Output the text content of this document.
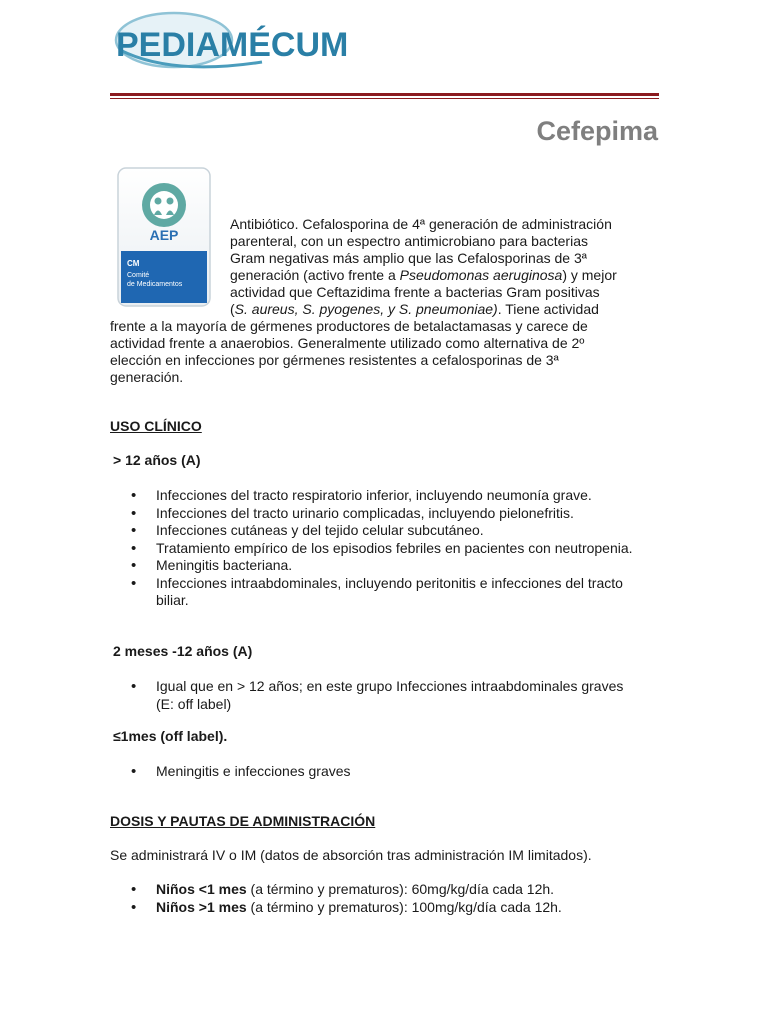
PEDIAMÉCUM
Cefepima
AEP
CM
Comité
de Medicamentos
Antibiótico. Cefalosporina de 4ª generación de administración
parenteral, con un espectro antimicrobiano para bacterias
Gram negativas más amplio que las Cefalosporinas de 3ª
generación (activo frente a Pseudomonas aeruginosa) y mejor
actividad que Ceftazidima frente a bacterias Gram positivas
(S. aureus, S. pyogenes, y S. pneumoniae). Tiene actividad
frente a la mayoría de gérmenes productores de betalactamasas y carece de
actividad frente a anaerobios. Generalmente utilizado como alternativa de 2º
elección en infecciones por gérmenes resistentes a cefalosporinas de 3ª
generación.
USO CLÍNICO
> 12 años (A)
• Infecciones del tracto respiratorio inferior, incluyendo neumonía grave.
• Infecciones del tracto urinario complicadas, incluyendo pielonefritis.
• Infecciones cutáneas y del tejido celular subcutáneo.
• Tratamiento empírico de los episodios febriles en pacientes con neutropenia.
• Meningitis bacteriana.
• Infecciones intraabdominales, incluyendo peritonitis e infecciones del tracto biliar.
2 meses -12 años (A)
• Igual que en > 12 años; en este grupo Infecciones intraabdominales graves (E: off label)
≤1mes (off label).
• Meningitis e infecciones graves
DOSIS Y PAUTAS DE ADMINISTRACIÓN
Se administrará IV o IM (datos de absorción tras administración IM limitados).
• Niños <1 mes (a término y prematuros): 60mg/kg/día cada 12h.
• Niños >1 mes (a término y prematuros): 100mg/kg/día cada 12h.
